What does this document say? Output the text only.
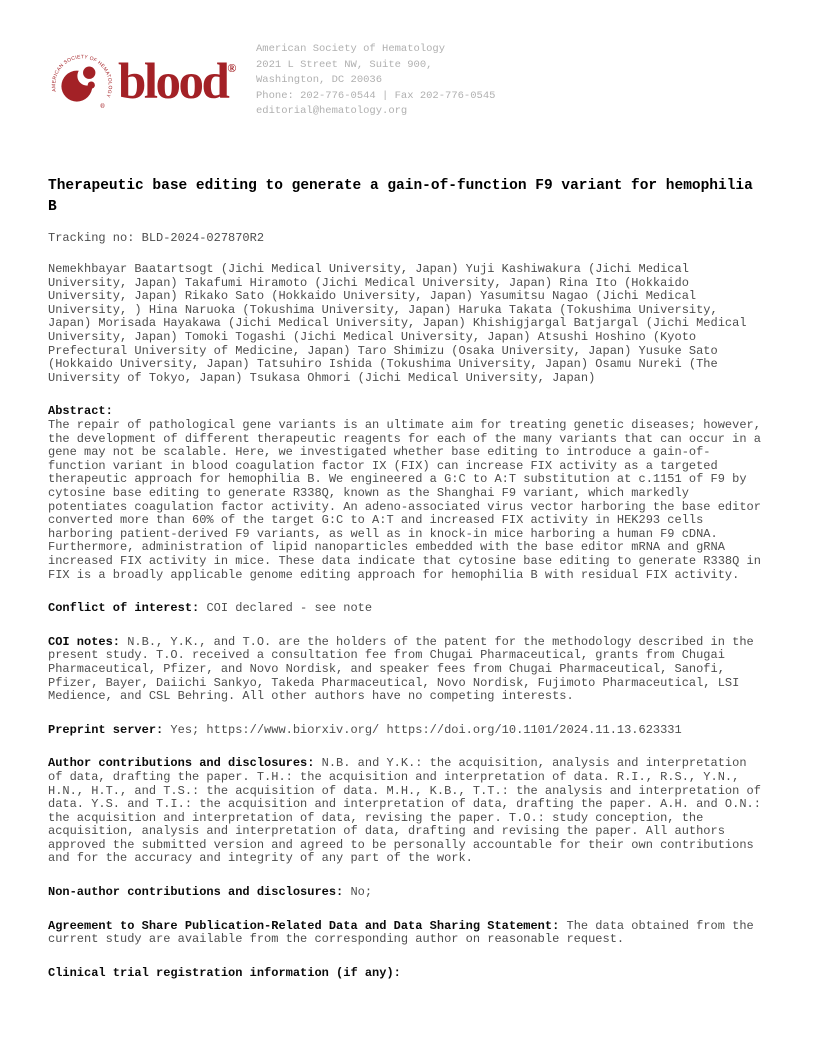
AMERICAN SOCIETY OF HEMATOLOGY
® blood®
American Society of Hematology
2021 L Street NW, Suite 900,
Washington, DC 20036
Phone: 202-776-0544 | Fax 202-776-0545
editorial@hematology.org
Therapeutic base editing to generate a gain-of-function F9 variant for hemophilia B

Tracking no: BLD-2024-027870R2

Nemekhbayar Baatartsogt (Jichi Medical University, Japan) Yuji Kashiwakura (Jichi Medical University, Japan) Takafumi Hiramoto (Jichi Medical University, Japan) Rina Ito (Hokkaido University, Japan) Rikako Sato (Hokkaido University, Japan) Yasumitsu Nagao (Jichi Medical University, ) Hina Naruoka (Tokushima University, Japan) Haruka Takata (Tokushima University, Japan) Morisada Hayakawa (Jichi Medical University, Japan) Khishigjargal Batjargal (Jichi Medical University, Japan) Tomoki Togashi (Jichi Medical University, Japan) Atsushi Hoshino (Kyoto Prefectural University of Medicine, Japan) Taro Shimizu (Osaka University, Japan) Yusuke Sato (Hokkaido University, Japan) Tatsuhiro Ishida (Tokushima University, Japan) Osamu Nureki (The University of Tokyo, Japan) Tsukasa Ohmori (Jichi Medical University, Japan)

Abstract:
The repair of pathological gene variants is an ultimate aim for treating genetic diseases; however, the development of different therapeutic reagents for each of the many variants that can occur in a gene may not be scalable. Here, we investigated whether base editing to introduce a gain-of-function variant in blood coagulation factor IX (FIX) can increase FIX activity as a targeted therapeutic approach for hemophilia B. We engineered a G:C to A:T substitution at c.1151 of F9 by cytosine base editing to generate R338Q, known as the Shanghai F9 variant, which markedly potentiates coagulation factor activity. An adeno-associated virus vector harboring the base editor converted more than 60% of the target G:C to A:T and increased FIX activity in HEK293 cells harboring patient-derived F9 variants, as well as in knock-in mice harboring a human F9 cDNA. Furthermore, administration of lipid nanoparticles embedded with the base editor mRNA and gRNA increased FIX activity in mice. These data indicate that cytosine base editing to generate R338Q in FIX is a broadly applicable genome editing approach for hemophilia B with residual FIX activity.

Conflict of interest: COI declared - see note

COI notes: N.B., Y.K., and T.O. are the holders of the patent for the methodology described in the present study. T.O. received a consultation fee from Chugai Pharmaceutical, grants from Chugai Pharmaceutical, Pfizer, and Novo Nordisk, and speaker fees from Chugai Pharmaceutical, Sanofi, Pfizer, Bayer, Daiichi Sankyo, Takeda Pharmaceutical, Novo Nordisk, Fujimoto Pharmaceutical, LSI Medience, and CSL Behring. All other authors have no competing interests.

Preprint server: Yes; https://www.biorxiv.org/ https://doi.org/10.1101/2024.11.13.623331

Author contributions and disclosures: N.B. and Y.K.: the acquisition, analysis and interpretation of data, drafting the paper. T.H.: the acquisition and interpretation of data. R.I., R.S., Y.N., H.N., H.T., and T.S.: the acquisition of data. M.H., K.B., T.T.: the analysis and interpretation of data. Y.S. and T.I.: the acquisition and interpretation of data, drafting the paper. A.H. and O.N.: the acquisition and interpretation of data, revising the paper. T.O.: study conception, the acquisition, analysis and interpretation of data, drafting and revising the paper. All authors approved the submitted version and agreed to be personally accountable for their own contributions and for the accuracy and integrity of any part of the work.

Non-author contributions and disclosures: No;

Agreement to Share Publication-Related Data and Data Sharing Statement: The data obtained from the current study are available from the corresponding author on reasonable request.

Clinical trial registration information (if any):
